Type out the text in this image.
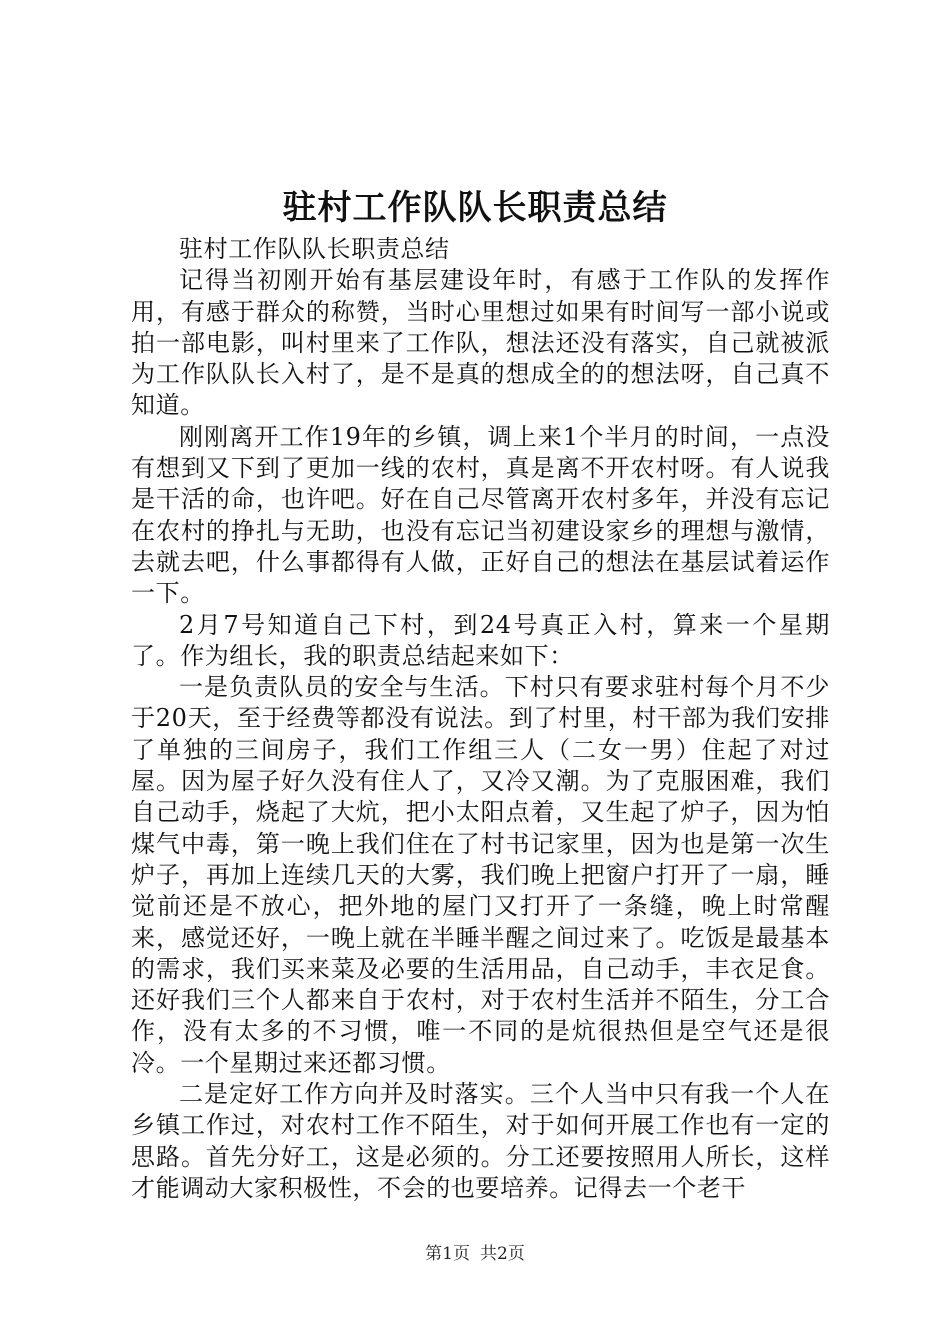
驻村工作队队长职责总结

驻村工作队队长职责总结

记得当初刚开始有基层建设年时，有感于工作队的发挥作用，有感于群众的称赞，当时心里想过如果有时间写一部小说或拍一部电影，叫村里来了工作队，想法还没有落实，自己就被派为工作队队长入村了，是不是真的想成全的的想法呀，自己真不知道。

刚刚离开工作19年的乡镇，调上来1个半月的时间，一点没有想到又下到了更加一线的农村，真是离不开农村呀。有人说我是干活的命，也许吧。好在自己尽管离开农村多年，并没有忘记在农村的挣扎与无助，也没有忘记当初建设家乡的理想与激情，去就去吧，什么事都得有人做，正好自己的想法在基层试着运作一下。

2月7号知道自己下村，到24号真正入村，算来一个星期了。作为组长，我的职责总结起来如下：

一是负责队员的安全与生活。下村只有要求驻村每个月不少于20天，至于经费等都没有说法。到了村里，村干部为我们安排了单独的三间房子，我们工作组三人（二女一男）住起了对过屋。因为屋子好久没有住人了，又冷又潮。为了克服困难，我们自己动手，烧起了大炕，把小太阳点着，又生起了炉子，因为怕煤气中毒，第一晚上我们住在了村书记家里，因为也是第一次生炉子，再加上连续几天的大雾，我们晚上把窗户打开了一扇，睡觉前还是不放心，把外地的屋门又打开了一条缝，晚上时常醒来，感觉还好，一晚上就在半睡半醒之间过来了。吃饭是最基本的需求，我们买来菜及必要的生活用品，自己动手，丰衣足食。还好我们三个人都来自于农村，对于农村生活并不陌生，分工合作，没有太多的不习惯，唯一不同的是炕很热但是空气还是很冷。一个星期过来还都习惯。

二是定好工作方向并及时落实。三个人当中只有我一个人在乡镇工作过，对农村工作不陌生，对于如何开展工作也有一定的思路。首先分好工，这是必须的。分工还要按照用人所长，这样才能调动大家积极性，不会的也要培养。记得去一个老干

第1页 共2页
